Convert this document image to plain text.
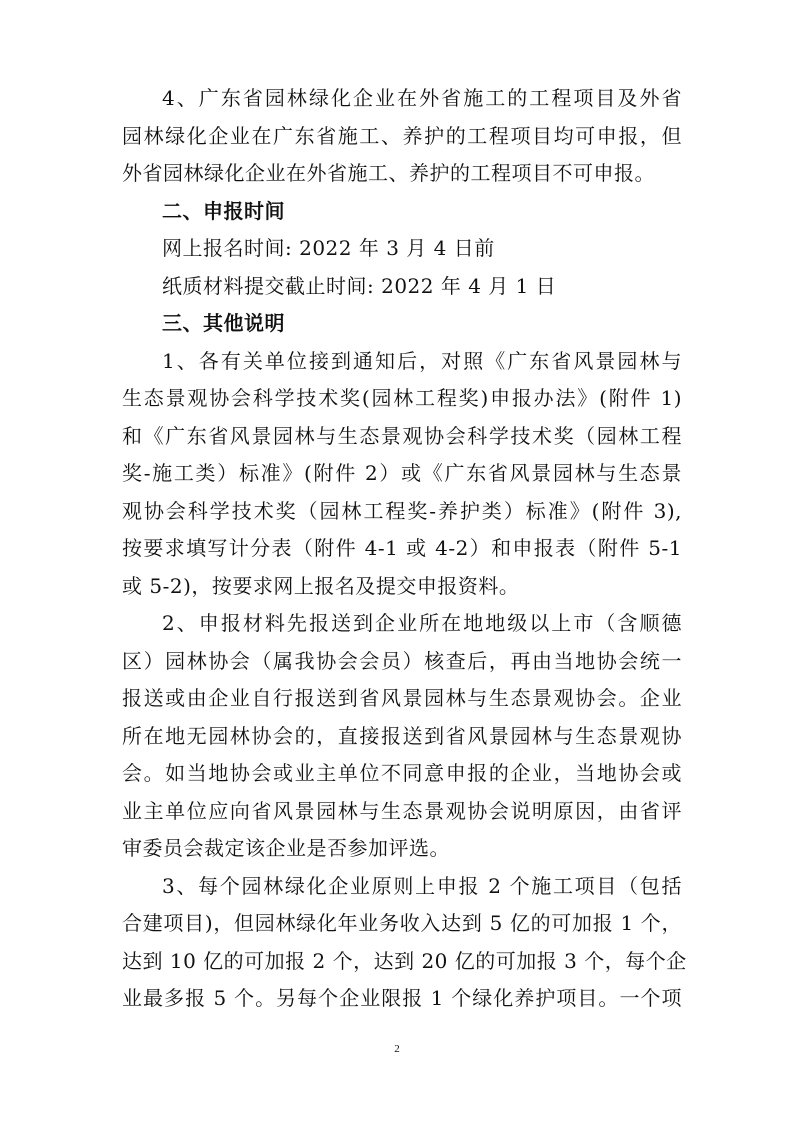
4、广东省园林绿化企业在外省施工的工程项目及外省
园林绿化企业在广东省施工、养护的工程项目均可申报，但
外省园林绿化企业在外省施工、养护的工程项目不可申报。
二、申报时间
网上报名时间: 2022 年 3 月 4 日前
纸质材料提交截止时间: 2022 年 4 月 1 日
三、其他说明
1、各有关单位接到通知后，对照《广东省风景园林与
生态景观协会科学技术奖(园林工程奖)申报办法》(附件 1)
和《广东省风景园林与生态景观协会科学技术奖（园林工程
奖-施工类）标准》(附件 2）或《广东省风景园林与生态景
观协会科学技术奖（园林工程奖-养护类）标准》(附件 3),
按要求填写计分表（附件 4-1 或 4-2）和申报表（附件 5-1
或 5-2)，按要求网上报名及提交申报资料。
2、申报材料先报送到企业所在地地级以上市（含顺德
区）园林协会（属我协会会员）核查后，再由当地协会统一
报送或由企业自行报送到省风景园林与生态景观协会。企业
所在地无园林协会的，直接报送到省风景园林与生态景观协
会。如当地协会或业主单位不同意申报的企业，当地协会或
业主单位应向省风景园林与生态景观协会说明原因，由省评
审委员会裁定该企业是否参加评选。
3、每个园林绿化企业原则上申报 2 个施工项目（包括
合建项目)，但园林绿化年业务收入达到 5 亿的可加报 1 个，
达到 10 亿的可加报 2 个，达到 20 亿的可加报 3 个，每个企
业最多报 5 个。另每个企业限报 1 个绿化养护项目。一个项
2
